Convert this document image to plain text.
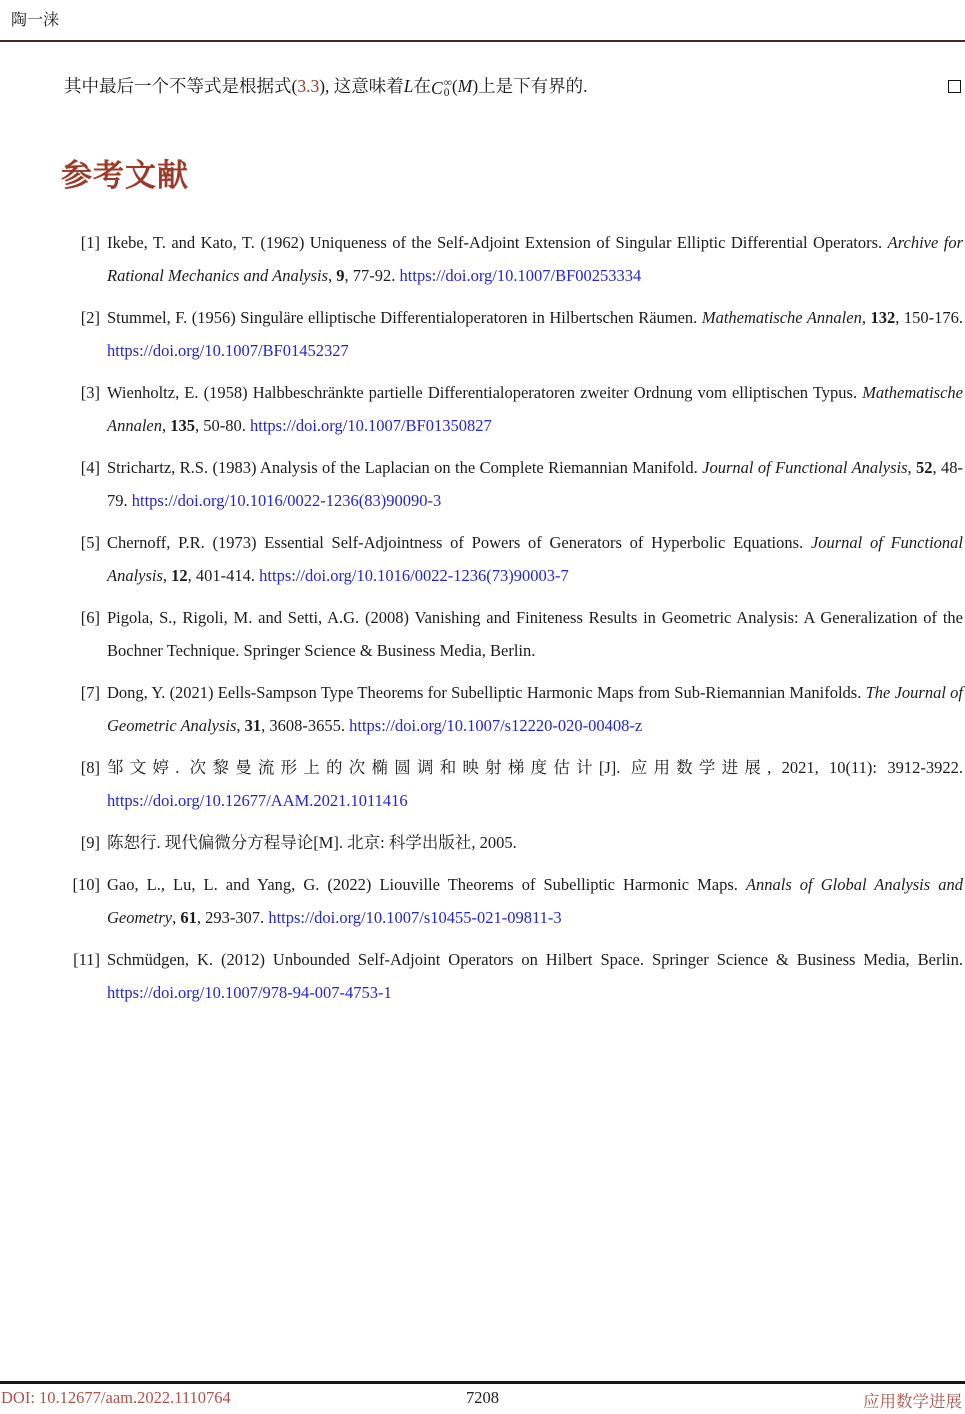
陶一涞
其中最后一个不等式是根据式(3.3), 这意味着L在 C ∞
0 (M)上是下有界的.
参考文献
[1] Ikebe, T. and Kato, T. (1962) Uniqueness of the Self-Adjoint Extension of Singular Elliptic Differential Operators. Archive for Rational Mechanics and Analysis, 9, 77-92. https://doi.org/10.1007/BF00253334
[2] Stummel, F. (1956) Singuläre elliptische Differentialoperatoren in Hilbertschen Räumen. Mathematische Annalen, 132, 150-176. https://doi.org/10.1007/BF01452327
[3] Wienholtz, E. (1958) Halbbeschränkte partielle Differentialoperatoren zweiter Ordnung vom elliptischen Typus. Mathematische Annalen, 135, 50-80. https://doi.org/10.1007/BF01350827
[4] Strichartz, R.S. (1983) Analysis of the Laplacian on the Complete Riemannian Manifold. Journal of Functional Analysis, 52, 48-79. https://doi.org/10.1016/0022-1236(83)90090-3
[5] Chernoff, P.R. (1973) Essential Self-Adjointness of Powers of Generators of Hyperbolic Equations. Journal of Functional Analysis, 12, 401-414. https://doi.org/10.1016/0022-1236(73)90003-7
[6] Pigola, S., Rigoli, M. and Setti, A.G. (2008) Vanishing and Finiteness Results in Geometric Analysis: A Generalization of the Bochner Technique. Springer Science & Business Media, Berlin.
[7] Dong, Y. (2021) Eells-Sampson Type Theorems for Subelliptic Harmonic Maps from Sub-Riemannian Manifolds. The Journal of Geometric Analysis, 31, 3608-3655. https://doi.org/10.1007/s12220-020-00408-z
[8] 邹文婷. 次黎曼流形上的次椭圆调和映射梯度估计[J]. 应用数学进展, 2021, 10(11): 3912-3922. https://doi.org/10.12677/AAM.2021.1011416
[9] 陈恕行. 现代偏微分方程导论[M]. 北京: 科学出版社, 2005.
[10] Gao, L., Lu, L. and Yang, G. (2022) Liouville Theorems of Subelliptic Harmonic Maps. Annals of Global Analysis and Geometry, 61, 293-307. https://doi.org/10.1007/s10455-021-09811-3
[11] Schmüdgen, K. (2012) Unbounded Self-Adjoint Operators on Hilbert Space. Springer Science & Business Media, Berlin. https://doi.org/10.1007/978-94-007-4753-1
DOI: 10.12677/aam.2022.1110764	7208	应用数学进展
